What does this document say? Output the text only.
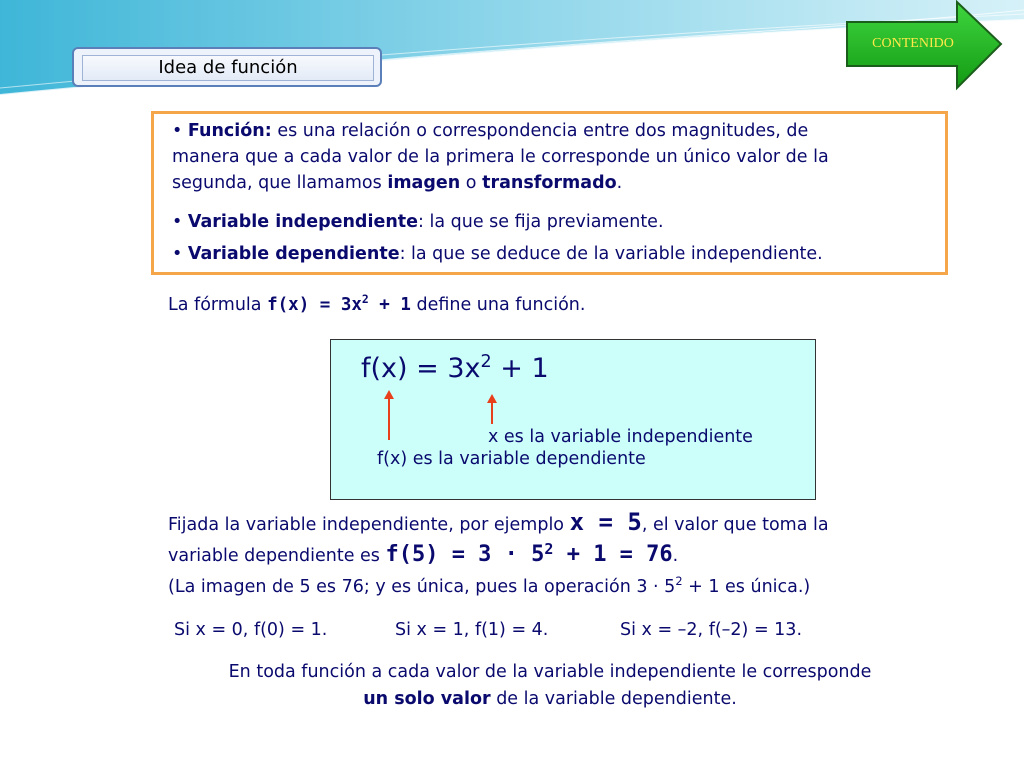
Idea de función
CONTENIDO

• Función: es una relación o correspondencia entre dos magnitudes, de
manera que a cada valor de la primera le corresponde un único valor de la
segunda, que llamamos imagen o transformado.

• Variable independiente: la que se fija previamente.

• Variable dependiente: la que se deduce de la variable independiente.

La fórmula $f(x) = 3x^2 + 1$ define una función.
$f(x) = 3x^2 + 1$
x es la variable independiente
f(x) es la variable dependiente
Fijada la variable independiente, por ejemplo x = 5, el valor que toma la
variable dependiente es $f(5) = 3 \cdot 5^2 + 1 = 76$.
(La imagen de 5 es 76; y es única, pues la operación $3 \cdot 5^2 + 1$ es única.)
Si x = 0, f(0) = 1.	Si x = 1, f(1) = 4.	Si x = –2, f(–2) = 13.
En toda función a cada valor de la variable independiente le corresponde
un solo valor de la variable dependiente.
